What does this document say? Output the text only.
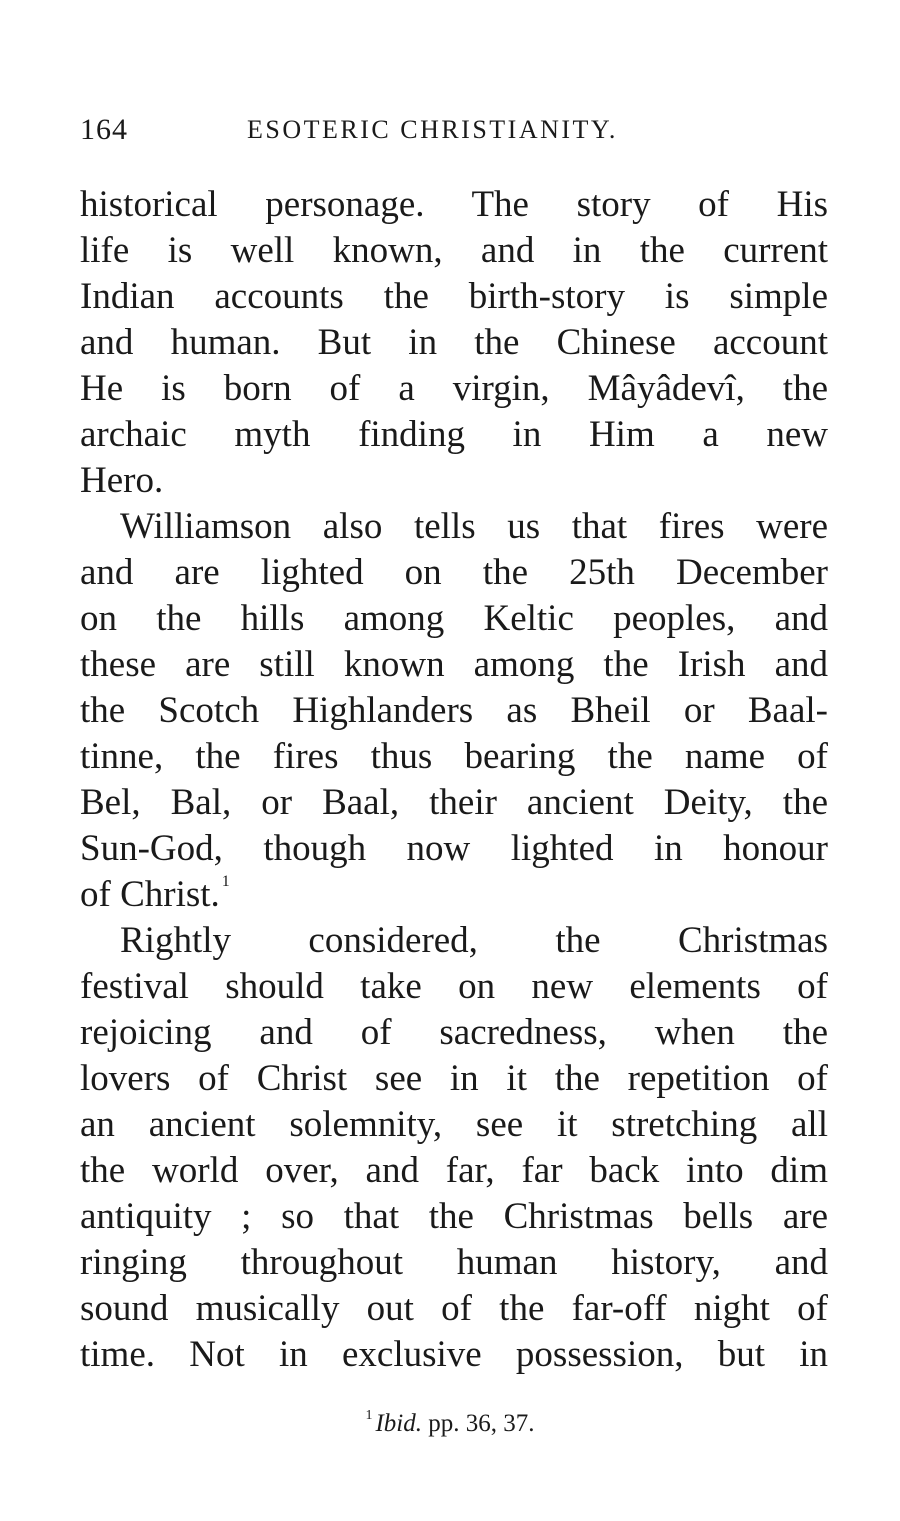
164	ESOTERIC CHRISTIANITY.
historical personage. The story of His
life is well known, and in the current
Indian accounts the birth-story is simple
and human. But in the Chinese account
He is born of a virgin, Mâyâdevî, the
archaic myth finding in Him a new
Hero.
Williamson also tells us that fires were
and are lighted on the 25th December
on the hills among Keltic peoples, and
these are still known among the Irish and
the Scotch Highlanders as Bheil or Baal-
tinne, the fires thus bearing the name of
Bel, Bal, or Baal, their ancient Deity, the
Sun-God, though now lighted in honour
of Christ. $^1$
Rightly considered, the Christmas
festival should take on new elements of
rejoicing and of sacredness, when the
lovers of Christ see in it the repetition of
an ancient solemnity, see it stretching all
the world over, and far, far back into dim
antiquity ; so that the Christmas bells are
ringing throughout human history, and
sound musically out of the far-off night of
time. Not in exclusive possession, but in
$^1$ Ibid. pp. 36, 37.
